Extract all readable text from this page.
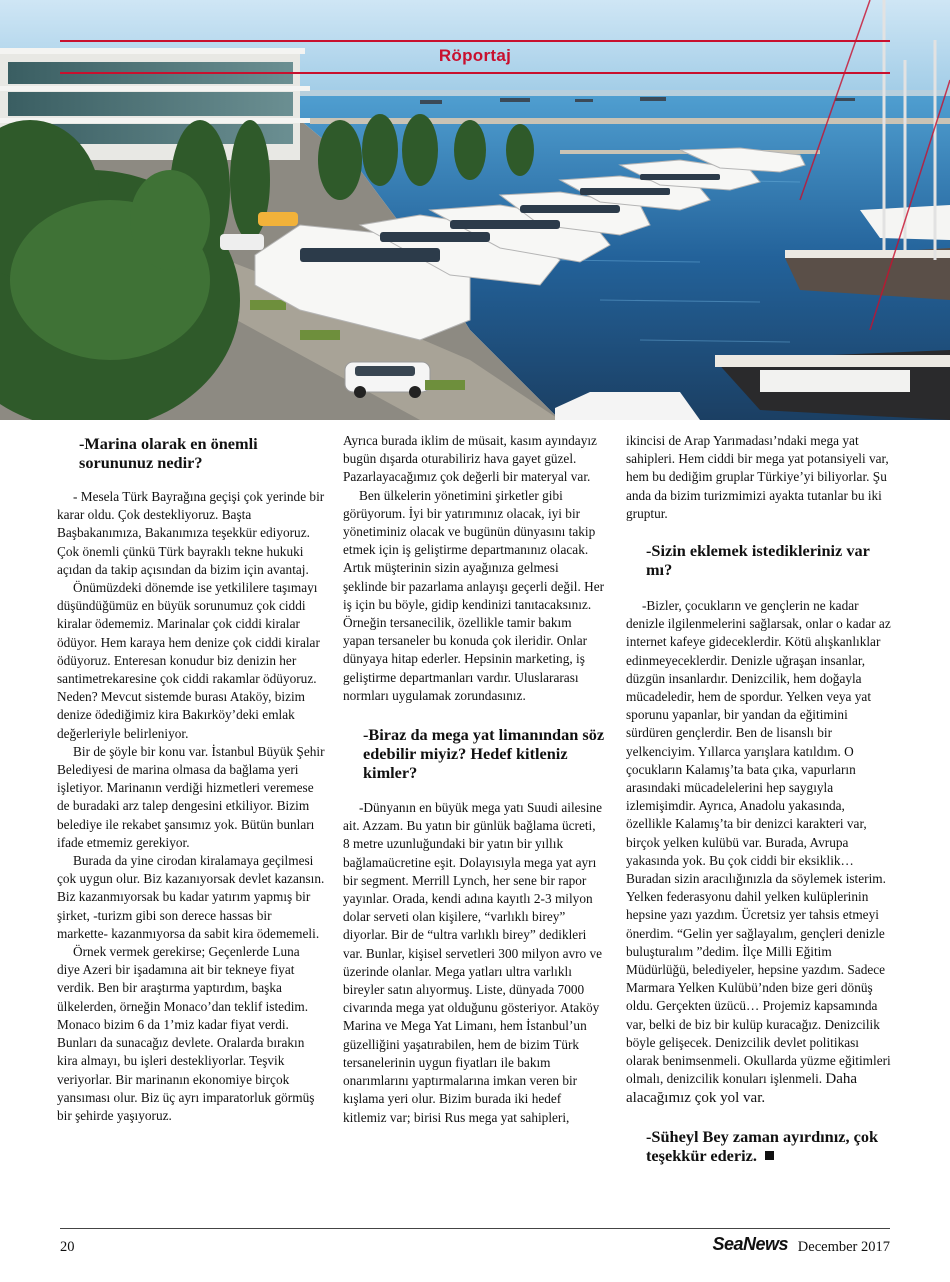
Röportaj

-Marina olarak en önemli sorununuz nedir?

- Mesela Türk Bayrağına geçişi çok yerinde bir karar oldu. Çok destekliyoruz. Başta Başbakanımıza, Bakanımıza teşekkür ediyoruz. Çok önemli çünkü Türk bayraklı tekne hukuki açıdan da takip açısından da bizim için avantaj.

Önümüzdeki dönemde ise yetkililere taşımayı düşündüğümüz en büyük sorunumuz çok ciddi kiralar ödememiz. Marinalar çok ciddi kiralar ödüyor. Hem karaya hem denize çok ciddi kiralar ödüyoruz. Enteresan konudur biz denizin her santimetrekaresine çok ciddi rakamlar ödüyoruz. Neden? Mevcut sistemde burası Ataköy, bizim denize ödediğimiz kira Bakırköy’deki emlak değerleriyle belirleniyor.

Bir de şöyle bir konu var. İstanbul Büyük Şehir Belediyesi de marina olmasa da bağlama yeri işletiyor. Marinanın verdiği hizmetleri veremese de buradaki arz talep dengesini etkiliyor. Bizim belediye ile rekabet şansımız yok. Bütün bunları ifade etmemiz gerekiyor.

Burada da yine cirodan kiralamaya geçilmesi çok uygun olur. Biz kazanıyorsak devlet kazansın. Biz kazanmıyorsak bu kadar yatırım yapmış bir şirket, -turizm gibi son derece hassas bir markette- kazanmıyorsa da sabit kira ödememeli.

Örnek vermek gerekirse; Geçenlerde Luna diye Azeri bir işadamına ait bir tekneye fiyat verdik. Ben bir araştırma yaptırdım, başka ülkelerden, örneğin Monaco’dan teklif istedim. Monaco bizim 6 da 1’miz kadar fiyat verdi. Bunları da sunacağız devlete. Oralarda bırakın kira almayı, bu işleri destekliyorlar. Teşvik veriyorlar. Bir marinanın ekonomiye birçok yansıması olur. Biz üç ayrı imparatorluk görmüş bir şehirde yaşıyoruz.

Ayrıca burada iklim de müsait, kasım ayındayız bugün dışarda oturabiliriz hava gayet güzel. Pazarlayacağımız çok değerli bir materyal var.

Ben ülkelerin yönetimini şirketler gibi görüyorum. İyi bir yatırımınız olacak, iyi bir yönetiminiz olacak ve bugünün dünyasını takip etmek için iş geliştirme departmanınız olacak. Artık müşterinin sizin ayağınıza gelmesi şeklinde bir pazarlama anlayışı geçerli değil. Her iş için bu böyle, gidip kendinizi tanıtacaksınız. Örneğin tersanecilik, özellikle tamir bakım yapan tersaneler bu konuda çok ileridir. Onlar dünyaya hitap ederler. Hepsinin marketing, iş geliştirme departmanları vardır. Uluslararası normları uygulamak zorundasınız.

-Biraz da mega yat limanından söz edebilir miyiz? Hedef kitleniz kimler?

-Dünyanın en büyük mega yatı Suudi ailesine ait. Azzam. Bu yatın bir günlük bağlama ücreti, 8 metre uzunluğundaki bir yatın bir yıllık bağlamaücretine eşit. Dolayısıyla mega yat ayrı bir segment. Merrill Lynch, her sene bir rapor yayınlar. Orada, kendi adına kayıtlı 2-3 milyon dolar serveti olan kişilere, “varlıklı birey” diyorlar. Bir de “ultra varlıklı birey” dedikleri var. Bunlar, kişisel servetleri 300 milyon avro ve üzerinde olanlar. Mega yatları ultra varlıklı bireyler satın alıyormuş. Liste, dünyada 7000 civarında mega yat olduğunu gösteriyor. Ataköy Marina ve Mega Yat Limanı, hem İstanbul’un güzelliğini yaşatırabilen, hem de bizim Türk tersanelerinin uygun fiyatları ile bakım onarımlarını yaptırmalarına imkan veren bir kışlama yeri olur. Bizim burada iki hedef kitlemiz var; birisi Rus mega yat sahipleri,

ikincisi de Arap Yarımadası’ndaki mega yat sahipleri. Hem ciddi bir mega yat potansiyeli var, hem bu dediğim gruplar Türkiye’yi biliyorlar. Şu anda da bizim turizmimizi ayakta tutanlar bu iki gruptur.

-Sizin eklemek istedikleriniz var mı?

-Bizler, çocukların ve gençlerin ne kadar denizle ilgilenmelerini sağlarsak, onlar o kadar az internet kafeye gideceklerdir. Kötü alışkanlıklar edinmeyeceklerdir. Denizle uğraşan insanlar, düzgün insanlardır. Denizcilik, hem doğayla mücadeledir, hem de spordur. Yelken veya yat sporunu yapanlar, bir yandan da eğitimini sürdüren gençlerdir. Ben de lisanslı bir yelkenciyim. Yıllarca yarışlara katıldım. O çocukların Kalamış’ta bata çıka, vapurların arasındaki mücadelelerini hep saygıyla izlemişimdir. Ayrıca, Anadolu yakasında, özellikle Kalamış’ta bir denizci karakteri var, birçok yelken kulübü var. Burada, Avrupa yakasında yok. Bu çok ciddi bir eksiklik… Buradan sizin aracılığınızla da söylemek isterim. Yelken federasyonu dahil yelken kulüplerinin hepsine yazı yazdım. Ücretsiz yer tahsis etmeyi önerdim. “Gelin yer sağlayalım, gençleri denizle buluşturalım ”dedim. İlçe Milli Eğitim Müdürlüğü, belediyeler, hepsine yazdım. Sadece Marmara Yelken Kulübü’nden bize geri dönüş oldu. Gerçekten üzücü… Projemiz kapsamında var, belki de biz bir kulüp kuracağız. Denizcilik böyle gelişecek. Denizcilik devlet politikası olarak benimsenmeli. Okullarda yüzme eğitimleri olmalı, denizcilik konuları işlenmeli. Daha alacağımız çok yol var.

-Süheyl Bey zaman ayırdınız, çok teşekkür ederiz.

20	SeaNews December 2017
